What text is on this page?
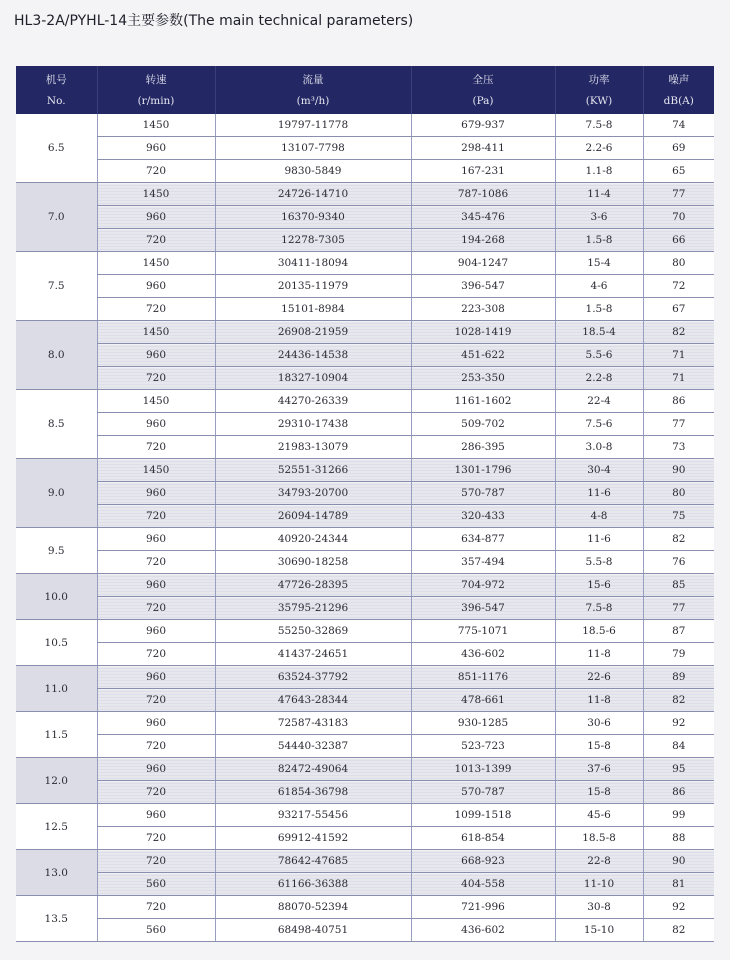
HL3-2A/PYHL-14主要参数(The main technical parameters)
机号	转速	流量	全压	功率	噪声
No.	(r/min)	(m³/h)	(Pa)	(KW)	dB(A)
6.5	1450	19797-11778	679-937	7.5-8	74
	960	13107-7798	298-411	2.2-6	69
	720	9830-5849	167-231	1.1-8	65
7.0	1450	24726-14710	787-1086	11-4	77
	960	16370-9340	345-476	3-6	70
	720	12278-7305	194-268	1.5-8	66
7.5	1450	30411-18094	904-1247	15-4	80
	960	20135-11979	396-547	4-6	72
	720	15101-8984	223-308	1.5-8	67
8.0	1450	26908-21959	1028-1419	18.5-4	82
	960	24436-14538	451-622	5.5-6	71
	720	18327-10904	253-350	2.2-8	71
8.5	1450	44270-26339	1161-1602	22-4	86
	960	29310-17438	509-702	7.5-6	77
	720	21983-13079	286-395	3.0-8	73
9.0	1450	52551-31266	1301-1796	30-4	90
	960	34793-20700	570-787	11-6	80
	720	26094-14789	320-433	4-8	75
9.5	960	40920-24344	634-877	11-6	82
	720	30690-18258	357-494	5.5-8	76
10.0	960	47726-28395	704-972	15-6	85
	720	35795-21296	396-547	7.5-8	77
10.5	960	55250-32869	775-1071	18.5-6	87
	720	41437-24651	436-602	11-8	79
11.0	960	63524-37792	851-1176	22-6	89
	720	47643-28344	478-661	11-8	82
11.5	960	72587-43183	930-1285	30-6	92
	720	54440-32387	523-723	15-8	84
12.0	960	82472-49064	1013-1399	37-6	95
	720	61854-36798	570-787	15-8	86
12.5	960	93217-55456	1099-1518	45-6	99
	720	69912-41592	618-854	18.5-8	88
13.0	720	78642-47685	668-923	22-8	90
	560	61166-36388	404-558	11-10	81
13.5	720	88070-52394	721-996	30-8	92
	560	68498-40751	436-602	15-10	82
